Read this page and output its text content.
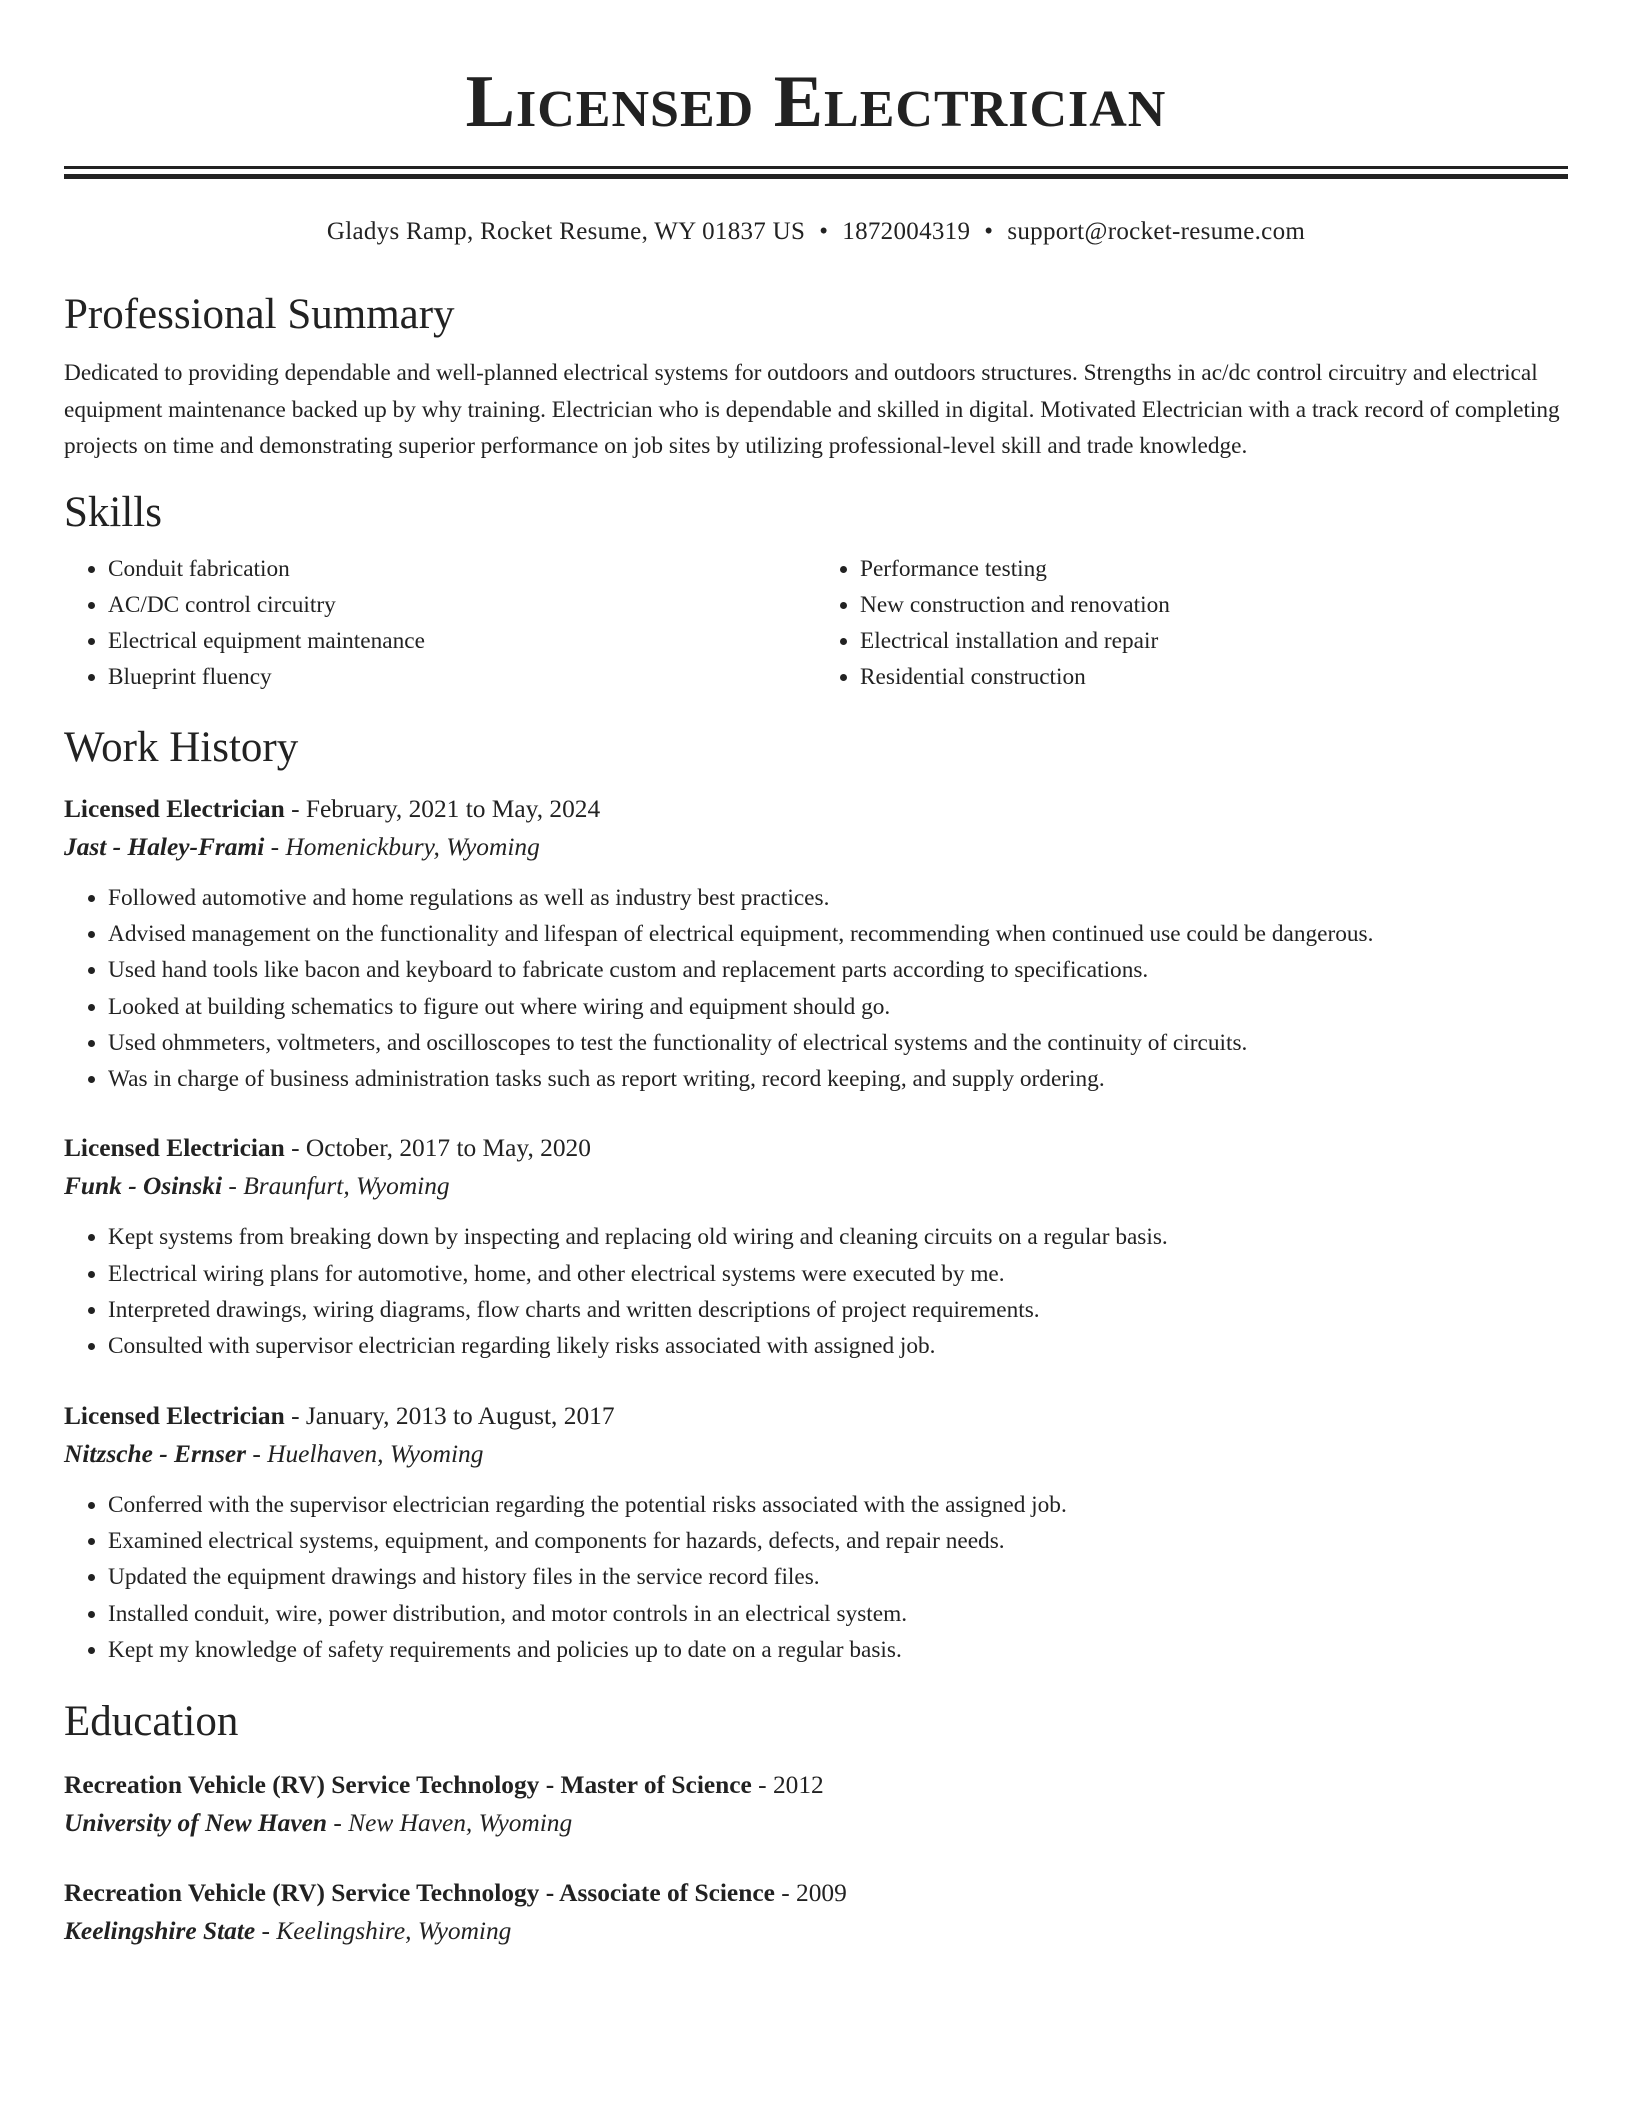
Licensed Electrician
Gladys Ramp, Rocket Resume, WY 01837 US • 1872004319 • support@rocket-resume.com
Professional Summary

Dedicated to providing dependable and well-planned electrical systems for outdoors and outdoors structures. Strengths in ac/dc control circuitry and electrical equipment maintenance backed up by why training. Electrician who is dependable and skilled in digital. Motivated Electrician with a track record of completing projects on time and demonstrating superior performance on job sites by utilizing professional-level skill and trade knowledge.

Skills
• Conduit fabrication
• AC/DC control circuitry
• Electrical equipment maintenance
• Blueprint fluency
• Performance testing
• New construction and renovation
• Electrical installation and repair
• Residential construction
Work History
Licensed Electrician - February, 2021 to May, 2024
Jast - Haley-Frami - Homenickbury, Wyoming
• Followed automotive and home regulations as well as industry best practices.
• Advised management on the functionality and lifespan of electrical equipment, recommending when continued use could be dangerous.
• Used hand tools like bacon and keyboard to fabricate custom and replacement parts according to specifications.
• Looked at building schematics to figure out where wiring and equipment should go.
• Used ohmmeters, voltmeters, and oscilloscopes to test the functionality of electrical systems and the continuity of circuits.
• Was in charge of business administration tasks such as report writing, record keeping, and supply ordering.
Licensed Electrician - October, 2017 to May, 2020
Funk - Osinski - Braunfurt, Wyoming
• Kept systems from breaking down by inspecting and replacing old wiring and cleaning circuits on a regular basis.
• Electrical wiring plans for automotive, home, and other electrical systems were executed by me.
• Interpreted drawings, wiring diagrams, flow charts and written descriptions of project requirements.
• Consulted with supervisor electrician regarding likely risks associated with assigned job.
Licensed Electrician - January, 2013 to August, 2017
Nitzsche - Ernser - Huelhaven, Wyoming
• Conferred with the supervisor electrician regarding the potential risks associated with the assigned job.
• Examined electrical systems, equipment, and components for hazards, defects, and repair needs.
• Updated the equipment drawings and history files in the service record files.
• Installed conduit, wire, power distribution, and motor controls in an electrical system.
• Kept my knowledge of safety requirements and policies up to date on a regular basis.
Education
Recreation Vehicle (RV) Service Technology - Master of Science - 2012
University of New Haven - New Haven, Wyoming
Recreation Vehicle (RV) Service Technology - Associate of Science - 2009
Keelingshire State - Keelingshire, Wyoming
